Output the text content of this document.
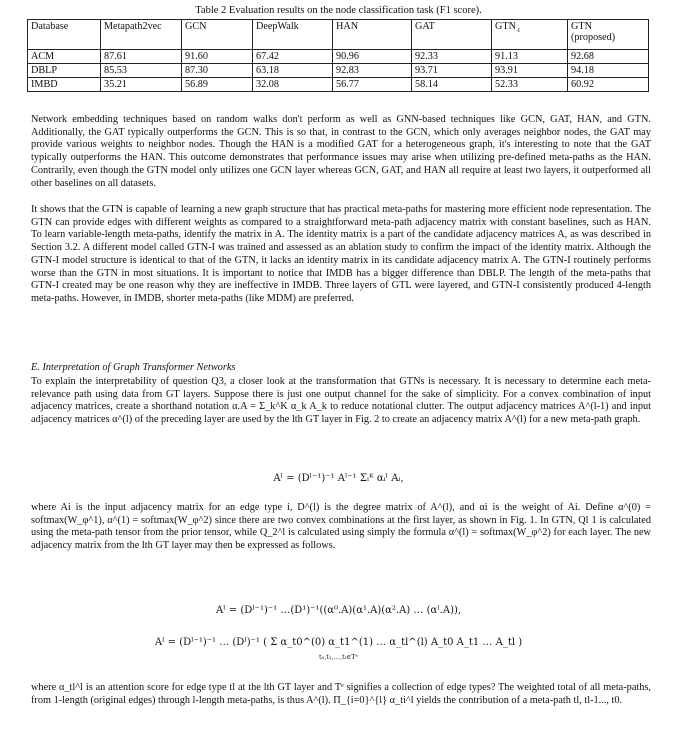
Table 2 Evaluation results on the node classification task (F1 score).
Database	Metapath2vec	GCN	DeepWalk	HAN	GAT	$GTN_{-I}$	GTN
(proposed)
ACM	87.61	91.60	67.42	90.96	92.33	91.13	92.68
DBLP	85.53	87.30	63.18	92.83	93.71	93.91	94.18
IMBD	35.21	56.89	32.08	56.77	58.14	52.33	60.92

Network embedding techniques based on random walks don't perform as well as GNN-based techniques like GCN, GAT, HAN, and GTN. Additionally, the GAT typically outperforms the GCN. This is so that, in contrast to the GCN, which only averages neighbor nodes, the GAT may provide various weights to neighbor nodes. Though the HAN is a modified GAT for a heterogeneous graph, it's interesting to note that the GAT typically outperforms the HAN. This outcome demonstrates that performance issues may arise when utilizing pre-defined meta-paths as the HAN. Contrarily, even though the GTN model only utilizes one GCN layer whereas GCN, GAT, and HAN all require at least two layers, it outperformed all other baselines on all datasets.

It shows that the GTN is capable of learning a new graph structure that has practical meta-paths for mastering more efficient node representation. The GTN can provide edges with different weights as compared to a straightforward meta-path adjacency matrix with constant baselines, such as HAN. To learn variable-length meta-paths, identify the matrix in A. The identity matrix is a part of the candidate adjacency matrices A, as was described in Section 3.2. A different model called GTN-I was trained and assessed as an ablation study to confirm the impact of the identity matrix. Although the GTN-I model structure is identical to that of the GTN, it lacks an identity matrix in its candidate adjacency matrix A. The GTN-I routinely performs worse than the GTN in most situations. It is important to notice that IMDB has a bigger difference than DBLP. The length of the meta-paths that GTN-I created may be one reason why they are ineffective in IMDB. Three layers of GTL were layered, and GTN-I consistently produced 4-length meta-paths. However, in IMDB, shorter meta-paths (like MDM) are preferred.

E. Interpretation of Graph Transformer Networks

To explain the interpretability of question Q3, a closer look at the transformation that GTNs is necessary. It is necessary to determine each meta-relevance path using data from GT layers. Suppose there is just one output channel for the sake of simplicity. For a convex combination of input adjacency matrices, create a shorthand notation α.A = Σ_k^K α_k A_k to reduce notational clutter. The output adjacency matrices A^(l-1) and input adjacency matrices α^(l) of the preceding layer are used by the lth GT layer in Fig. 2 to create an adjacency matrix A^(l) for a new meta-path graph.

Aˡ = (Dˡ⁻¹)⁻¹ Aˡ⁻¹ Σᵢᴷ αᵢˡ Aᵢ,

where Ai is the input adjacency matrix for an edge type i, D^(l) is the degree matrix of A^(l), and αi is the weight of Ai. Define α^(0) = softmax(W_φ^1), α^(1) = softmax(W_φ^2) since there are two convex combinations at the first layer, as shown in Fig. 1. In GTN, Ql 1 is calculated using the meta-path tensor from the prior tensor, while Q_2^l is calculated using simply the formula α^(l) = softmax(W_φ^2) for each layer. The new adjacency matrix from the lth GT layer may then be expressed as follows.

Aˡ = (Dˡ⁻¹)⁻¹ …(D¹)⁻¹((α⁰.A)(α¹.A)(α².A) … (αˡ.A)),
Aˡ = (Dˡ⁻¹)⁻¹ … (Dˡ)⁻¹ ( Σ α_t0^(0) α_t1^(1) … α_tl^(l) A_t0 A_t1 … A_tl )
t₀,t₁,…,tₗ∈Tᵉ

where α_tl^l is an attention score for edge type tl at the lth GT layer and Tᵉ signifies a collection of edge types? The weighted total of all meta-paths, from 1-length (original edges) through l-length meta-paths, is thus A^(l). Π_{i=0}^{l} α_ti^l yields the contribution of a meta-path tl, tl-1..., t0.
